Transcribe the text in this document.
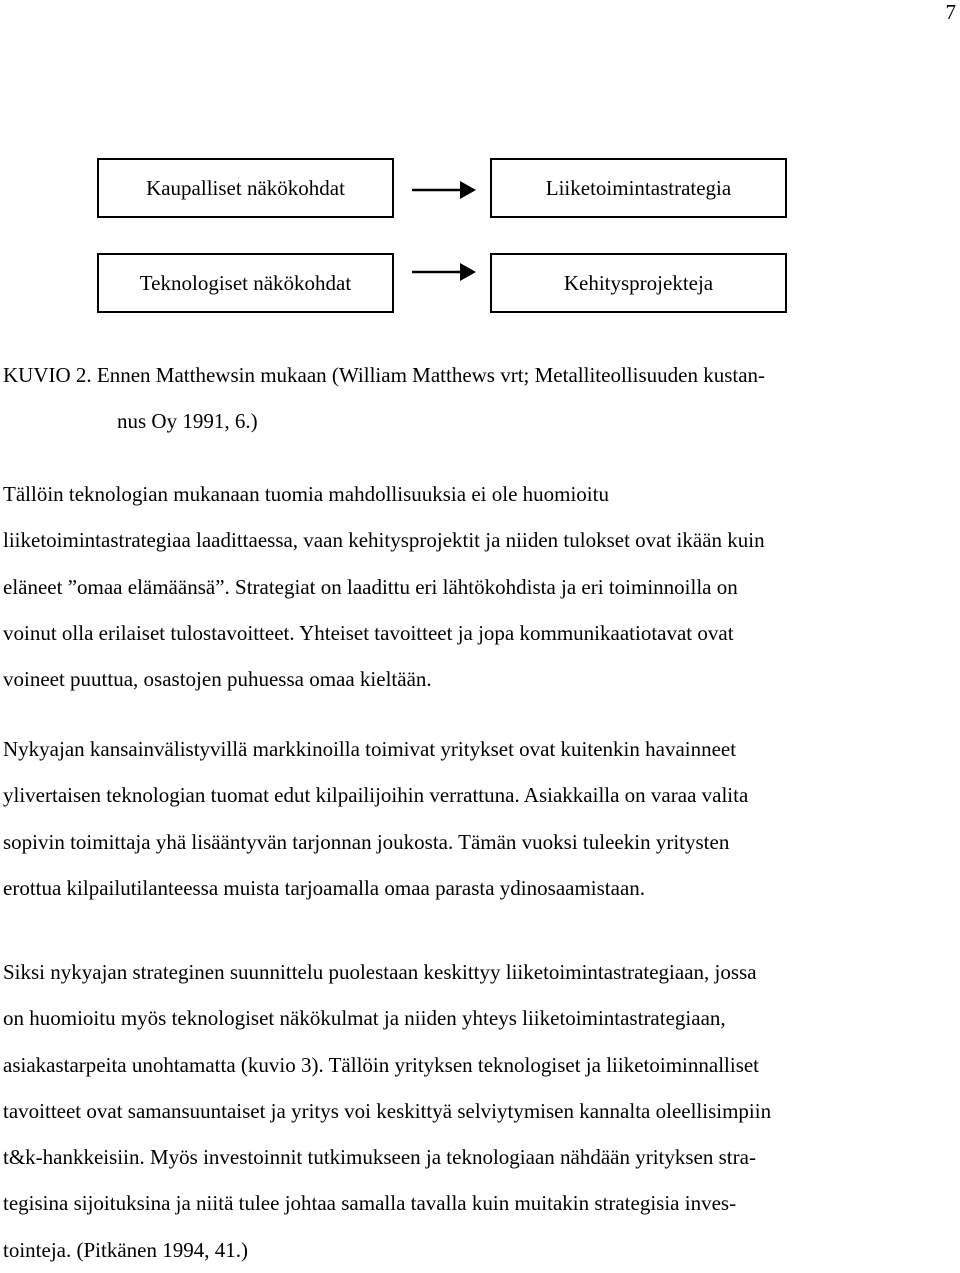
7
Kaupalliset näkökohdat	Liiketoimintastrategia
Teknologiset näkökohdat	Kehitysprojekteja

KUVIO 2. Ennen Matthewsin mukaan (William Matthews vrt; Metalliteollisuuden kustan-
nus Oy 1991, 6.)

Tällöin teknologian mukanaan tuomia mahdollisuuksia ei ole huomioitu
liiketoimintastrategiaa laadittaessa, vaan kehitysprojektit ja niiden tulokset ovat ikään kuin
eläneet ”omaa elämäänsä”. Strategiat on laadittu eri lähtökohdista ja eri toiminnoilla on
voinut olla erilaiset tulostavoitteet. Yhteiset tavoitteet ja jopa kommunikaatiotavat ovat
voineet puuttua, osastojen puhuessa omaa kieltään.

Nykyajan kansainvälistyvillä markkinoilla toimivat yritykset ovat kuitenkin havainneet
ylivertaisen teknologian tuomat edut kilpailijoihin verrattuna. Asiakkailla on varaa valita
sopivin toimittaja yhä lisääntyvän tarjonnan joukosta. Tämän vuoksi tuleekin yritysten
erottua kilpailutilanteessa muista tarjoamalla omaa parasta ydinosaamistaan.

Siksi nykyajan strateginen suunnittelu puolestaan keskittyy liiketoimintastrategiaan, jossa
on huomioitu myös teknologiset näkökulmat ja niiden yhteys liiketoimintastrategiaan,
asiakastarpeita unohtamatta (kuvio 3). Tällöin yrityksen teknologiset ja liiketoiminnalliset
tavoitteet ovat samansuuntaiset ja yritys voi keskittyä selviytymisen kannalta oleellisimpiin
t&k-hankkeisiin. Myös investoinnit tutkimukseen ja teknologiaan nähdään yrityksen stra-
tegisina sijoituksina ja niitä tulee johtaa samalla tavalla kuin muitakin strategisia inves-
tointeja. (Pitkänen 1994, 41.)
